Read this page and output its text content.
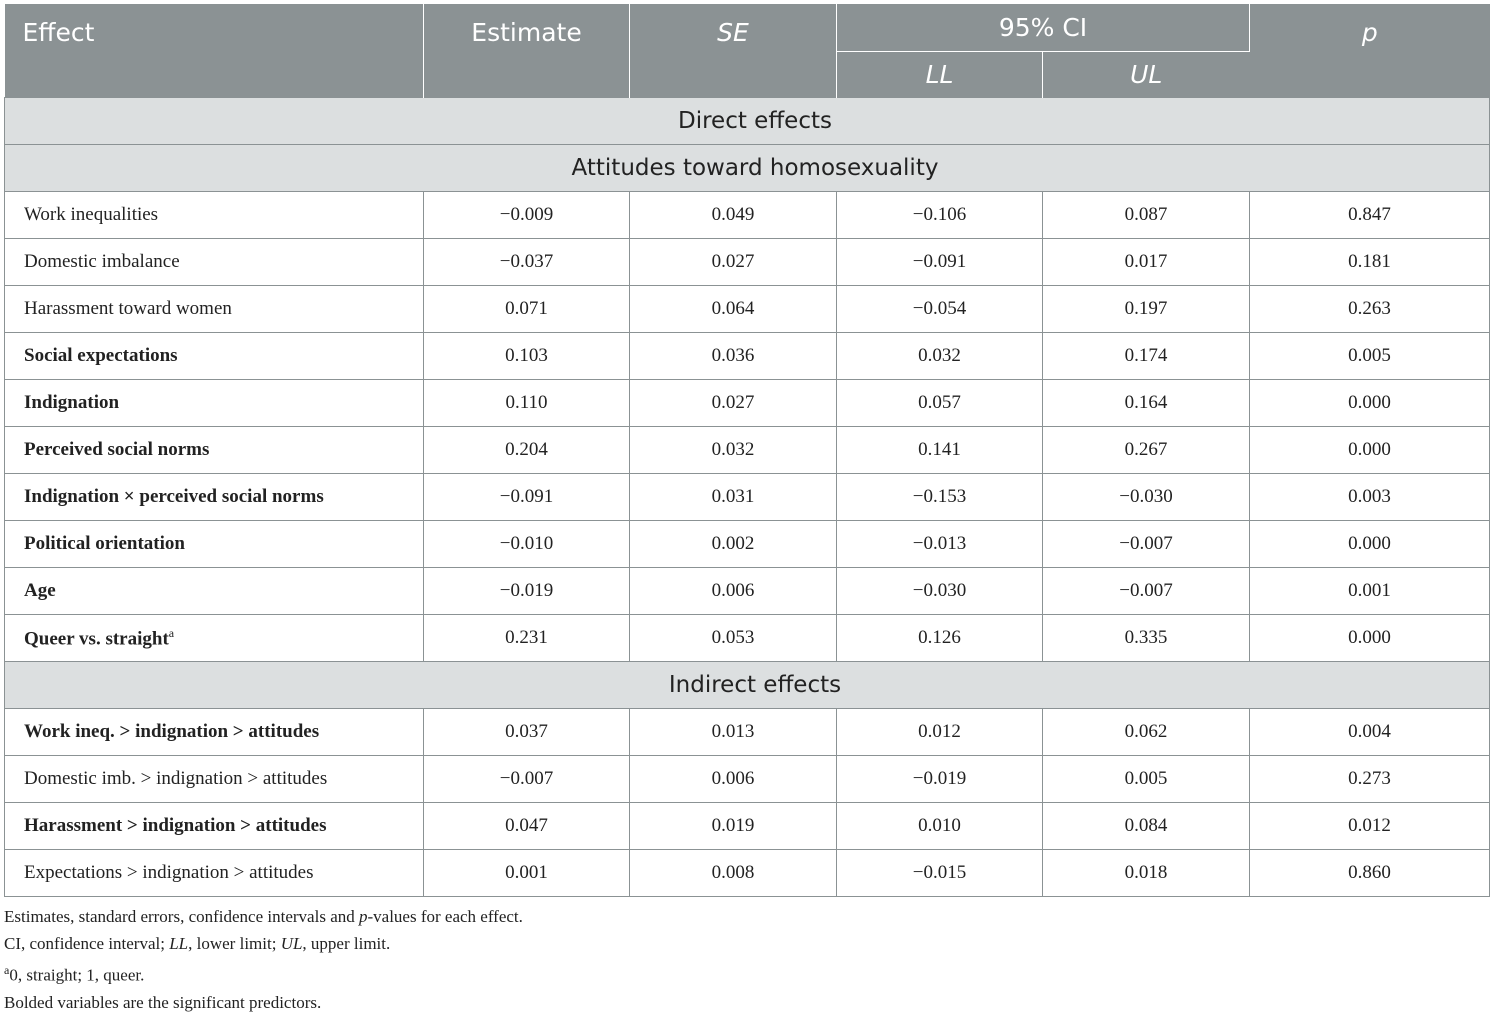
Effect	Estimate	SE	95% CI		p
			LL	UL	
Direct effects					
Attitudes toward homosexuality					
Work inequalities	−0.009	0.049	−0.106	0.087	0.847
Domestic imbalance	−0.037	0.027	−0.091	0.017	0.181
Harassment toward women	0.071	0.064	−0.054	0.197	0.263
Social expectations	0.103	0.036	0.032	0.174	0.005
Indignation	0.110	0.027	0.057	0.164	0.000
Perceived social norms	0.204	0.032	0.141	0.267	0.000
Indignation × perceived social norms	−0.091	0.031	−0.153	−0.030	0.003
Political orientation	−0.010	0.002	−0.013	−0.007	0.000
Age	−0.019	0.006	−0.030	−0.007	0.001
Queer vs. straight$^a$	0.231	0.053	0.126	0.335	0.000
Indirect effects					
Work ineq. > indignation > attitudes	0.037	0.013	0.012	0.062	0.004
Domestic imb. > indignation > attitudes	−0.007	0.006	−0.019	0.005	0.273
Harassment > indignation > attitudes	0.047	0.019	0.010	0.084	0.012
Expectations > indignation > attitudes	0.001	0.008	−0.015	0.018	0.860
Estimates, standard errors, confidence intervals and p-values for each effect.
CI, confidence interval; LL, lower limit; UL, upper limit.
$^a$0, straight; 1, queer.
Bolded variables are the significant predictors.
